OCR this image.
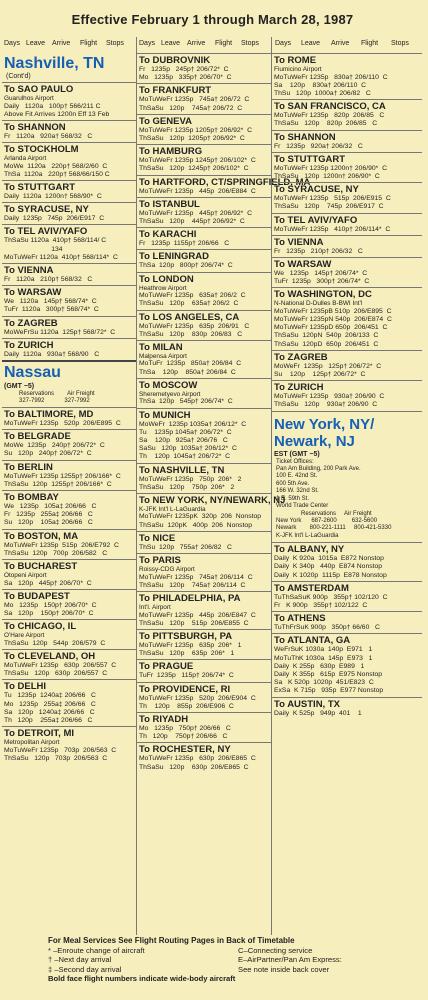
Effective February 1 through March 28, 1987
Days Leave Arrive	Flight	Stops Days Leave Arrive	Flight	Stops Days	Leave	Arrive	Flight	Stops
Nashville, TN
(Cont'd)
To SAO PAULO
Guarulhos Airport
Daily   1120a   100p† 566/211 C
Above Fit Arrives 1200n Eff 13 Feb
To SHANNON
Fr   1120a   920a† 568/32   C
To STOCKHOLM
Arlanda Airport
MoWe  1120a   220p† 568/2/60  C
ThSa  1120a   220p† 568/66/150 C
To STUTTGART
Daily  1120a  1200n† 568/90*  C
To SYRACUSE, NY
Daily  1235p   745p  206/E917  C
To TEL AVIV/YAFO
ThSaSu 1120a  410p† 568/114/ C
134
MoTuWeFr 1120a  410p† 568/114*  C
To VIENNA
Fr   1120a   210p† 568/32   C
To WARSAW
We   1120a   145p† 568/74*  C
TuFr  1120a   300p† 568/74*  C
To ZAGREB
MoWeFrSu 1120a  125p† 568/72*  C
To ZURICH
Daily  1120a   930a† 568/90   C
Nassau
(GMT −5)
Reservations        Air Freight
327-7992            327-7992
To BALTIMORE, MD
MoTuWeFr 1235p   520p  206/E895  C
To BELGRADE
MoWe  1235p   240p† 206/72*  C
Su   120p   240p† 206/72*  C
To BERLIN
MoTuWeFr 1235p 1255p† 206/166*  C
ThSaSu  120p  1255p† 206/166*  C
To BOMBAY
We   1235p   105a‡ 206/66   C
Fr   1235p   255a‡ 206/66   C
Su   120p    105a‡ 206/66   C
To BOSTON, MA
MoTuWeFr 1235p  515p  206/E792  C
ThSaSu  120p   700p  206/582   C
To BUCHAREST
Otopeni Airport
Sa   120p   445p† 206/70*  C
To BUDAPEST
Mo   1235p   150p† 206/70*  C
Sa   120p    150p† 206/70*  C
To CHICAGO, IL
O'Hare Airport
ThSaSu  120p   544p  206/579  C
To CLEVELAND, OH
MoTuWeFr 1235p   630p  206/557  C
ThSaSu   120p   630p  206/557  C
To DELHI
Tu   1235p  1240a‡ 206/66   C
Mo   1235p   255a‡ 206/66   C
Sa   120p   1240a‡ 206/66   C
Th   120p    255a‡ 206/66   C
To DETROIT, MI
Metropolitan Airport
MoTuWeFr 1235p   703p  206/563  C
ThSaSu   120p   703p  206/563  C
To DUBROVNIK
Fr   1235p   245p† 206/72*  C
Mo   1235p   335p† 206/70*  C
To FRANKFURT
MoTuWeFr 1235p   745a† 206/72  C
ThSaSu   120p    745a† 206/72  C
To GENEVA
MoTuWeFr 1235p 1205p† 206/92*  C
ThSaSu   120p  1205p† 206/92*  C
To HAMBURG
MoTuWeFr 1235p 1245p† 206/102*  C
ThSaSu   120p  1245p† 206/102*  C
To HARTFORD, CT/SPRINGFIELD, MA
MoTuWeFr 1235p   445p  206/E884  C
To ISTANBUL
MoTuWeFr 1235p   445p† 206/92*  C
ThSaSu   120p    445p† 206/92*  C
To KARACHI
Fr   1235p  1155p† 206/66   C
To LENINGRAD
ThSa  120p   800p† 206/74*  C
To LONDON
Heathrow Airport
MoTuWeFr 1235p   635a† 206/2  C
ThSaSu   120p    635a† 206/2  C
To LOS ANGELES, CA
MoTuWeFr 1235p   635p  206/91   C
ThSaSu   120p    830p  206/83   C
To MILAN
Malpensa Airport
MoTuFr  1235p   850a† 206/84  C
ThSa    120p    850a† 206/84  C
To MOSCOW
Sheremetyevo Airport
ThSa  120p   545p† 206/74*  C
To MUNICH
MoWeFr  1235p 1035a† 206/12*  C
Tu    1235p 1045a† 206/72*  C
Sa    120p   925a† 206/76   C
SaSu   120p  1035a† 206/12*  C
Th    120p  1045a† 206/72*  C
To NASHVILLE, TN
MoTuWeFr 1235p   750p  206*   2
ThSaSu   120p    750p  206*   2
To NEW YORK, NY/NEWARK, NJ
K-JFK Int'l L-LaGuardia
MoTuWeFr 1235pK  320p  206  Nonstop
ThSaSu  120pK   400p  206  Nonstop
To NICE
ThSu  120p   755a† 206/82   C
To PARIS
Roissy-CDG Airport
MoTuWeFr 1235p   745a† 206/114  C
ThSaSu   120p    745a† 206/114  C
To PHILADELPHIA, PA
Int'l. Airport
MoTuWeFr 1235p   445p  206/E847  C
ThSaSu   120p    515p  206/E855  C
To PITTSBURGH, PA
MoTuWeFr 1235p   635p  206*   1
ThSaSu   120p    635p  206*   1
To PRAGUE
TuFr  1235p   115p† 206/74*  C
To PROVIDENCE, RI
MoTuWeFr 1235p   520p  206/E904  C
Th    120p    855p  206/E906  C
To RIYADH
Mo   1235p   750p† 206/66   C
Th   120p    750p† 206/66   C
To ROCHESTER, NY
MoTuWeFr 1235p   630p  206/E865  C
ThSaSu   120p    630p  206/E865  C
To ROME
Fiumicino Airport
MoTuWeFr 1235p   830a† 206/110  C
Sa    120p    830a† 206/110  C
ThSu   120p  1000a† 206/82   C
To SAN FRANCISCO, CA
MoTuWeFr 1235p   820p  206/85   C
ThSaSu   120p    820p  206/85   C
To SHANNON
Fr   1235p   920a† 206/32   C
To STUTTGART
MoTuWeFr 1235p 1200n† 206/90*  C
ThSaSu   120p  1200n† 206/90*  C
To SYRACUSE, NY
MoTuWeFr 1235p   515p  206/E915  C
ThSaSu   120p    745p  206/E917  C
To TEL AVIV/YAFO
MoTuWeFr 1235p   410p† 206/114*  C
To VIENNA
Fr   1235p   210p† 206/32   C
To WARSAW
We   1235p   145p† 206/74*  C
TuFr  1235p   300p† 206/74*  C
To WASHINGTON, DC
N-National D-Dulles B-BWI Int'l
MoTuWeFr 1235pB 510p  206/E895  C
MoTuWeFr 1235pN 540p  206/E874  C
MoTuWeFr 1235pD 650p  206/451  C
ThSaSu  120pN  540p  206/133  C
ThSaSu  120pD  650p  206/451  C
To ZAGREB
MoWeFr  1235p   125p† 206/72*  C
Su    120p    125p† 206/72*  C
To ZURICH
MoTuWeFr 1235p   930a† 206/90  C
ThSaSu   120p    930a† 206/90  C
New York, NY/ Newark, NJ
EST (GMT −5)
Ticket Offices:
Pan Am Building, 200 Park Ave.
100 E. 42nd St.
600 5th Ave.
166 W. 32nd St.
1 E. 59th St.
World Trade Center
Reservations     Air Freight
New York      687-2600         632-5600
Newark        800-221-1111     800-421-5330
K-JFK Int'l L-LaGuardia
To ALBANY, NY
Daily  K 920a  1015a  E872 Nonstop
Daily  K 340p   440p  E874 Nonstop
Daily  K 1020p  1115p  E878 Nonstop
To AMSTERDAM
TuThSaSuK 900p   355p† 102/120  C
Fr   K 900p   355p† 102/122  C
To ATHENS
TuThFrSuK 900p   350p† 66/60   C
To ATLANTA, GA
WeFrSuK 1030a  140p  E971   1
MoTuThK 1030a  145p  E973   1
Daily  K 255p   630p  E989   1
Daily  K 355p   615p  E975 Nonstop
Sa   K 520p  1020p  451/E823  C
ExSa  K 715p   935p  E977 Nonstop
To AUSTIN, TX
Daily  K 525p   949p  401    1
For Meal Services See Flight Routing Pages in Back of Timetable
* –Enroute change of aircraft
† –Next day arrival
‡ –Second day arrival
C–Connecting service
E–AirPartner/Pan Am Express:
See note inside back cover
Bold face flight numbers indicate wide-body aircraft
